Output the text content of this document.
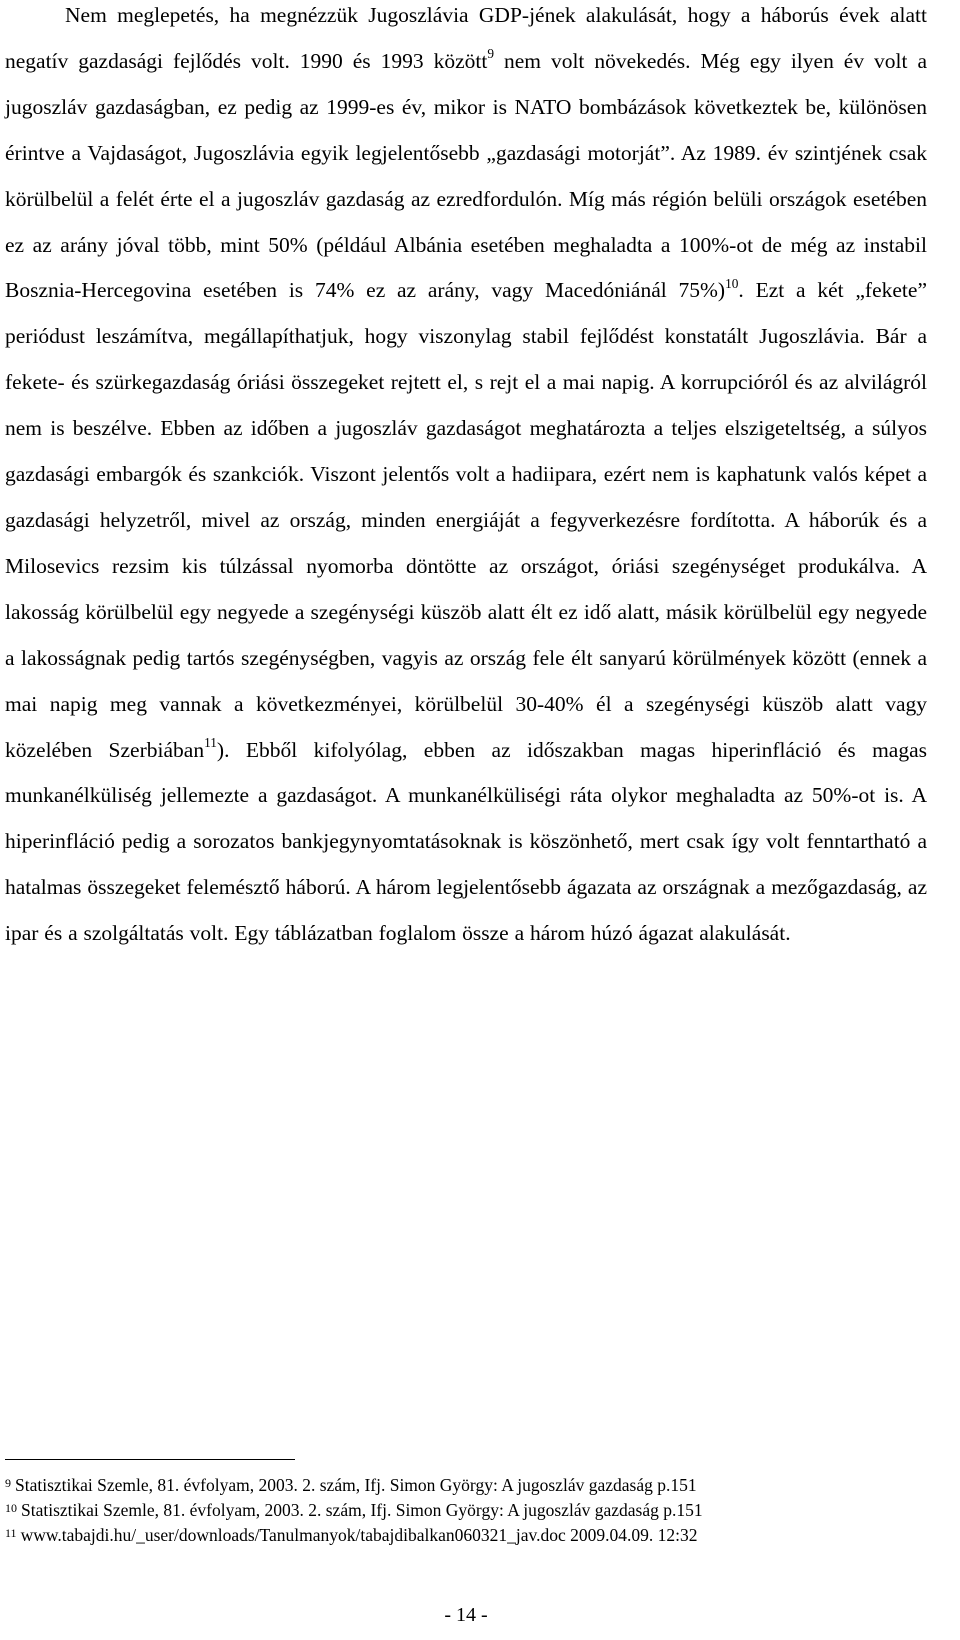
Nem meglepetés, ha megnézzük Jugoszlávia GDP-jének alakulását, hogy a háborús évek alatt negatív gazdasági fejlődés volt. 1990 és 1993 között$^9$ nem volt növekedés. Még egy ilyen év volt a jugoszláv gazdaságban, ez pedig az 1999-es év, mikor is NATO bombázások következtek be, különösen érintve a Vajdaságot, Jugoszlávia egyik legjelentősebb „gazdasági motorját”. Az 1989. év szintjének csak körülbelül a felét érte el a jugoszláv gazdaság az ezredfordulón. Míg más régión belüli országok esetében ez az arány jóval több, mint 50% (például Albánia esetében meghaladta a 100%-ot de még az instabil Bosznia-Hercegovina esetében is 74% ez az arány, vagy Macedóniánál 75%)$^{10}$. Ezt a két „fekete” periódust leszámítva, megállapíthatjuk, hogy viszonylag stabil fejlődést konstatált Jugoszlávia. Bár a fekete- és szürkegazdaság óriási összegeket rejtett el, s rejt el a mai napig. A korrupcióról és az alvilágról nem is beszélve. Ebben az időben a jugoszláv gazdaságot meghatározta a teljes elszigeteltség, a súlyos gazdasági embargók és szankciók. Viszont jelentős volt a hadiipara, ezért nem is kaphatunk valós képet a gazdasági helyzetről, mivel az ország, minden energiáját a fegyverkezésre fordította. A háborúk és a Milosevics rezsim kis túlzással nyomorba döntötte az országot, óriási szegénységet produkálva. A lakosság körülbelül egy negyede a szegénységi küszöb alatt élt ez idő alatt, másik körülbelül egy negyede a lakosságnak pedig tartós szegénységben, vagyis az ország fele élt sanyarú körülmények között (ennek a mai napig meg vannak a következményei, körülbelül 30-40% él a szegénységi küszöb alatt vagy közelében Szerbiában$^{11}$). Ebből kifolyólag, ebben az időszakban magas hiperinfláció és magas munkanélküliség jellemezte a gazdaságot. A munkanélküliségi ráta olykor meghaladta az 50%-ot is. A hiperinfláció pedig a sorozatos bankjegynyomtatásoknak is köszönhető, mert csak így volt fenntartható a hatalmas összegeket felemésztő háború. A három legjelentősebb ágazata az országnak a mezőgazdaság, az ipar és a szolgáltatás volt. Egy táblázatban foglalom össze a három húzó ágazat alakulását.

$^9$ Statisztikai Szemle, 81. évfolyam, 2003. 2. szám, Ifj. Simon György: A jugoszláv gazdaság p.151

$^{10}$ Statisztikai Szemle, 81. évfolyam, 2003. 2. szám, Ifj. Simon György: A jugoszláv gazdaság p.151

$^{11}$ www.tabajdi.hu/_user/downloads/Tanulmanyok/tabajdibalkan060321_jav.doc 2009.04.09. 12:32

- 14 -
